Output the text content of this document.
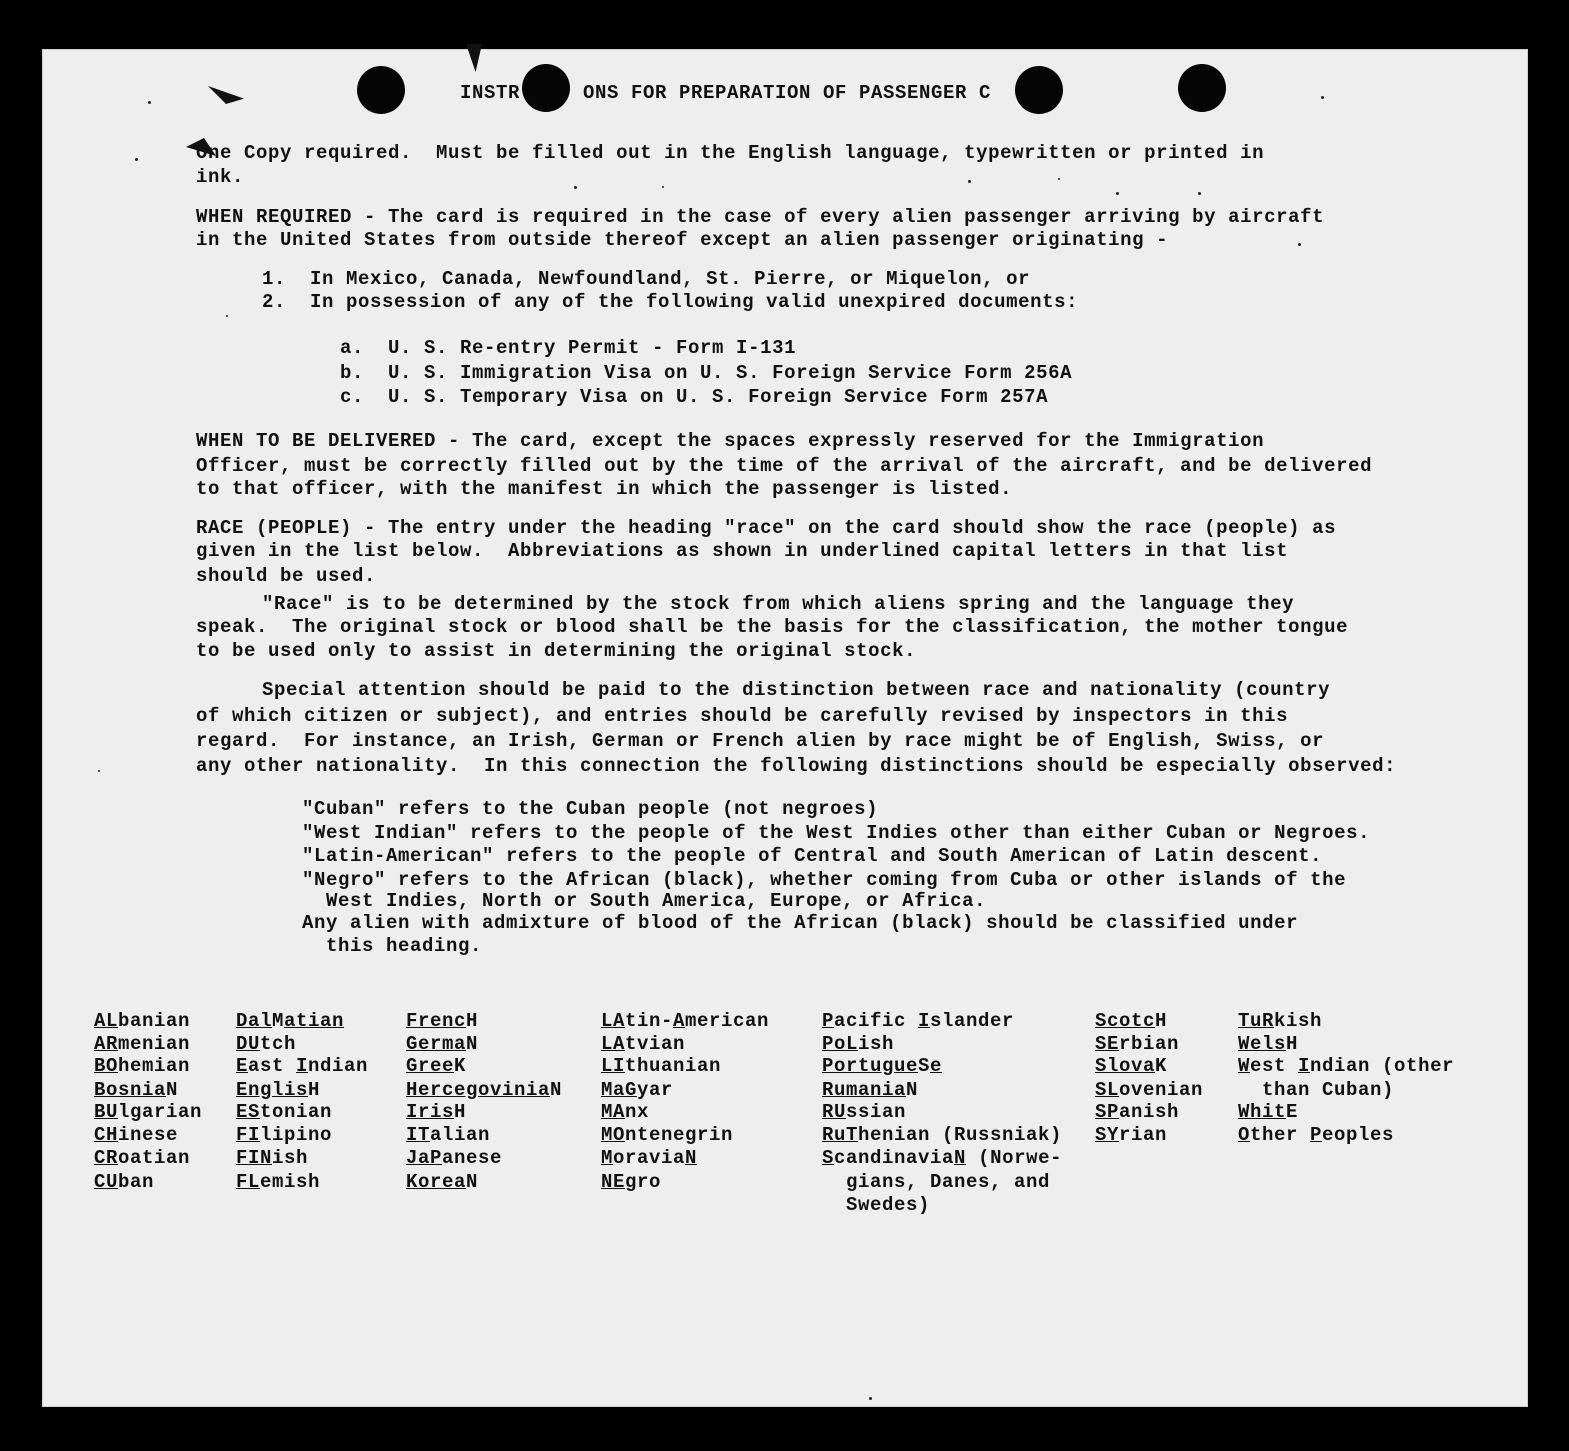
INSTR	ONS FOR PREPARATION OF PASSENGER C
One Copy required.  Must be filled out in the English language, typewritten or printed in
ink.
WHEN REQUIRED - The card is required in the case of every alien passenger arriving by aircraft
in the United States from outside thereof except an alien passenger originating -
1.  In Mexico, Canada, Newfoundland, St. Pierre, or Miquelon, or
2.  In possession of any of the following valid unexpired documents:
a.  U. S. Re-entry Permit - Form I-131
b.  U. S. Immigration Visa on U. S. Foreign Service Form 256A
c.  U. S. Temporary Visa on U. S. Foreign Service Form 257A
WHEN TO BE DELIVERED - The card, except the spaces expressly reserved for the Immigration
Officer, must be correctly filled out by the time of the arrival of the aircraft, and be delivered
to that officer, with the manifest in which the passenger is listed.
RACE (PEOPLE) - The entry under the heading "race" on the card should show the race (people) as
given in the list below.  Abbreviations as shown in underlined capital letters in that list
should be used.
"Race" is to be determined by the stock from which aliens spring and the language they
speak.  The original stock or blood shall be the basis for the classification, the mother tongue
to be used only to assist in determining the original stock.
Special attention should be paid to the distinction between race and nationality (country
of which citizen or subject), and entries should be carefully revised by inspectors in this
regard.  For instance, an Irish, German or French alien by race might be of English, Swiss, or
any other nationality.  In this connection the following distinctions should be especially observed:
"Cuban" refers to the Cuban people (not negroes)
"West Indian" refers to the people of the West Indies other than either Cuban or Negroes.
"Latin-American" refers to the people of Central and South American of Latin descent.
"Negro" refers to the African (black), whether coming from Cuba or other islands of the
West Indies, North or South America, Europe, or Africa.
Any alien with admixture of blood of the African (black) should be classified under
this heading.
ALbanian
ARmenian
BOhemian
BosniaN
BUlgarian
CHinese
CRoatian
CUban
DalMatian
DUtch
East Indian
EnglisH
EStonian
FIlipino
FINish
FLemish
FrencH
GermaN
GreeK
HercegoviniaN
IrisH
ITalian
JaPanese
KoreaN
LAtin-American
LAtvian
LIthuanian
MaGyar
MAnx
MOntenegrin
MoraviaN
NEgro
Pacific Islander
PoLish
PortugueSe
RumaniaN
RUssian
RuThenian (Russniak)
ScandinaviaN (Norwe-
gians, Danes, and
Swedes)
ScotcH
SErbian
SlovaK
SLovenian
SPanish
SYrian
TuRkish
WelsH
West Indian (other
than Cuban)
WhitE
Other Peoples
